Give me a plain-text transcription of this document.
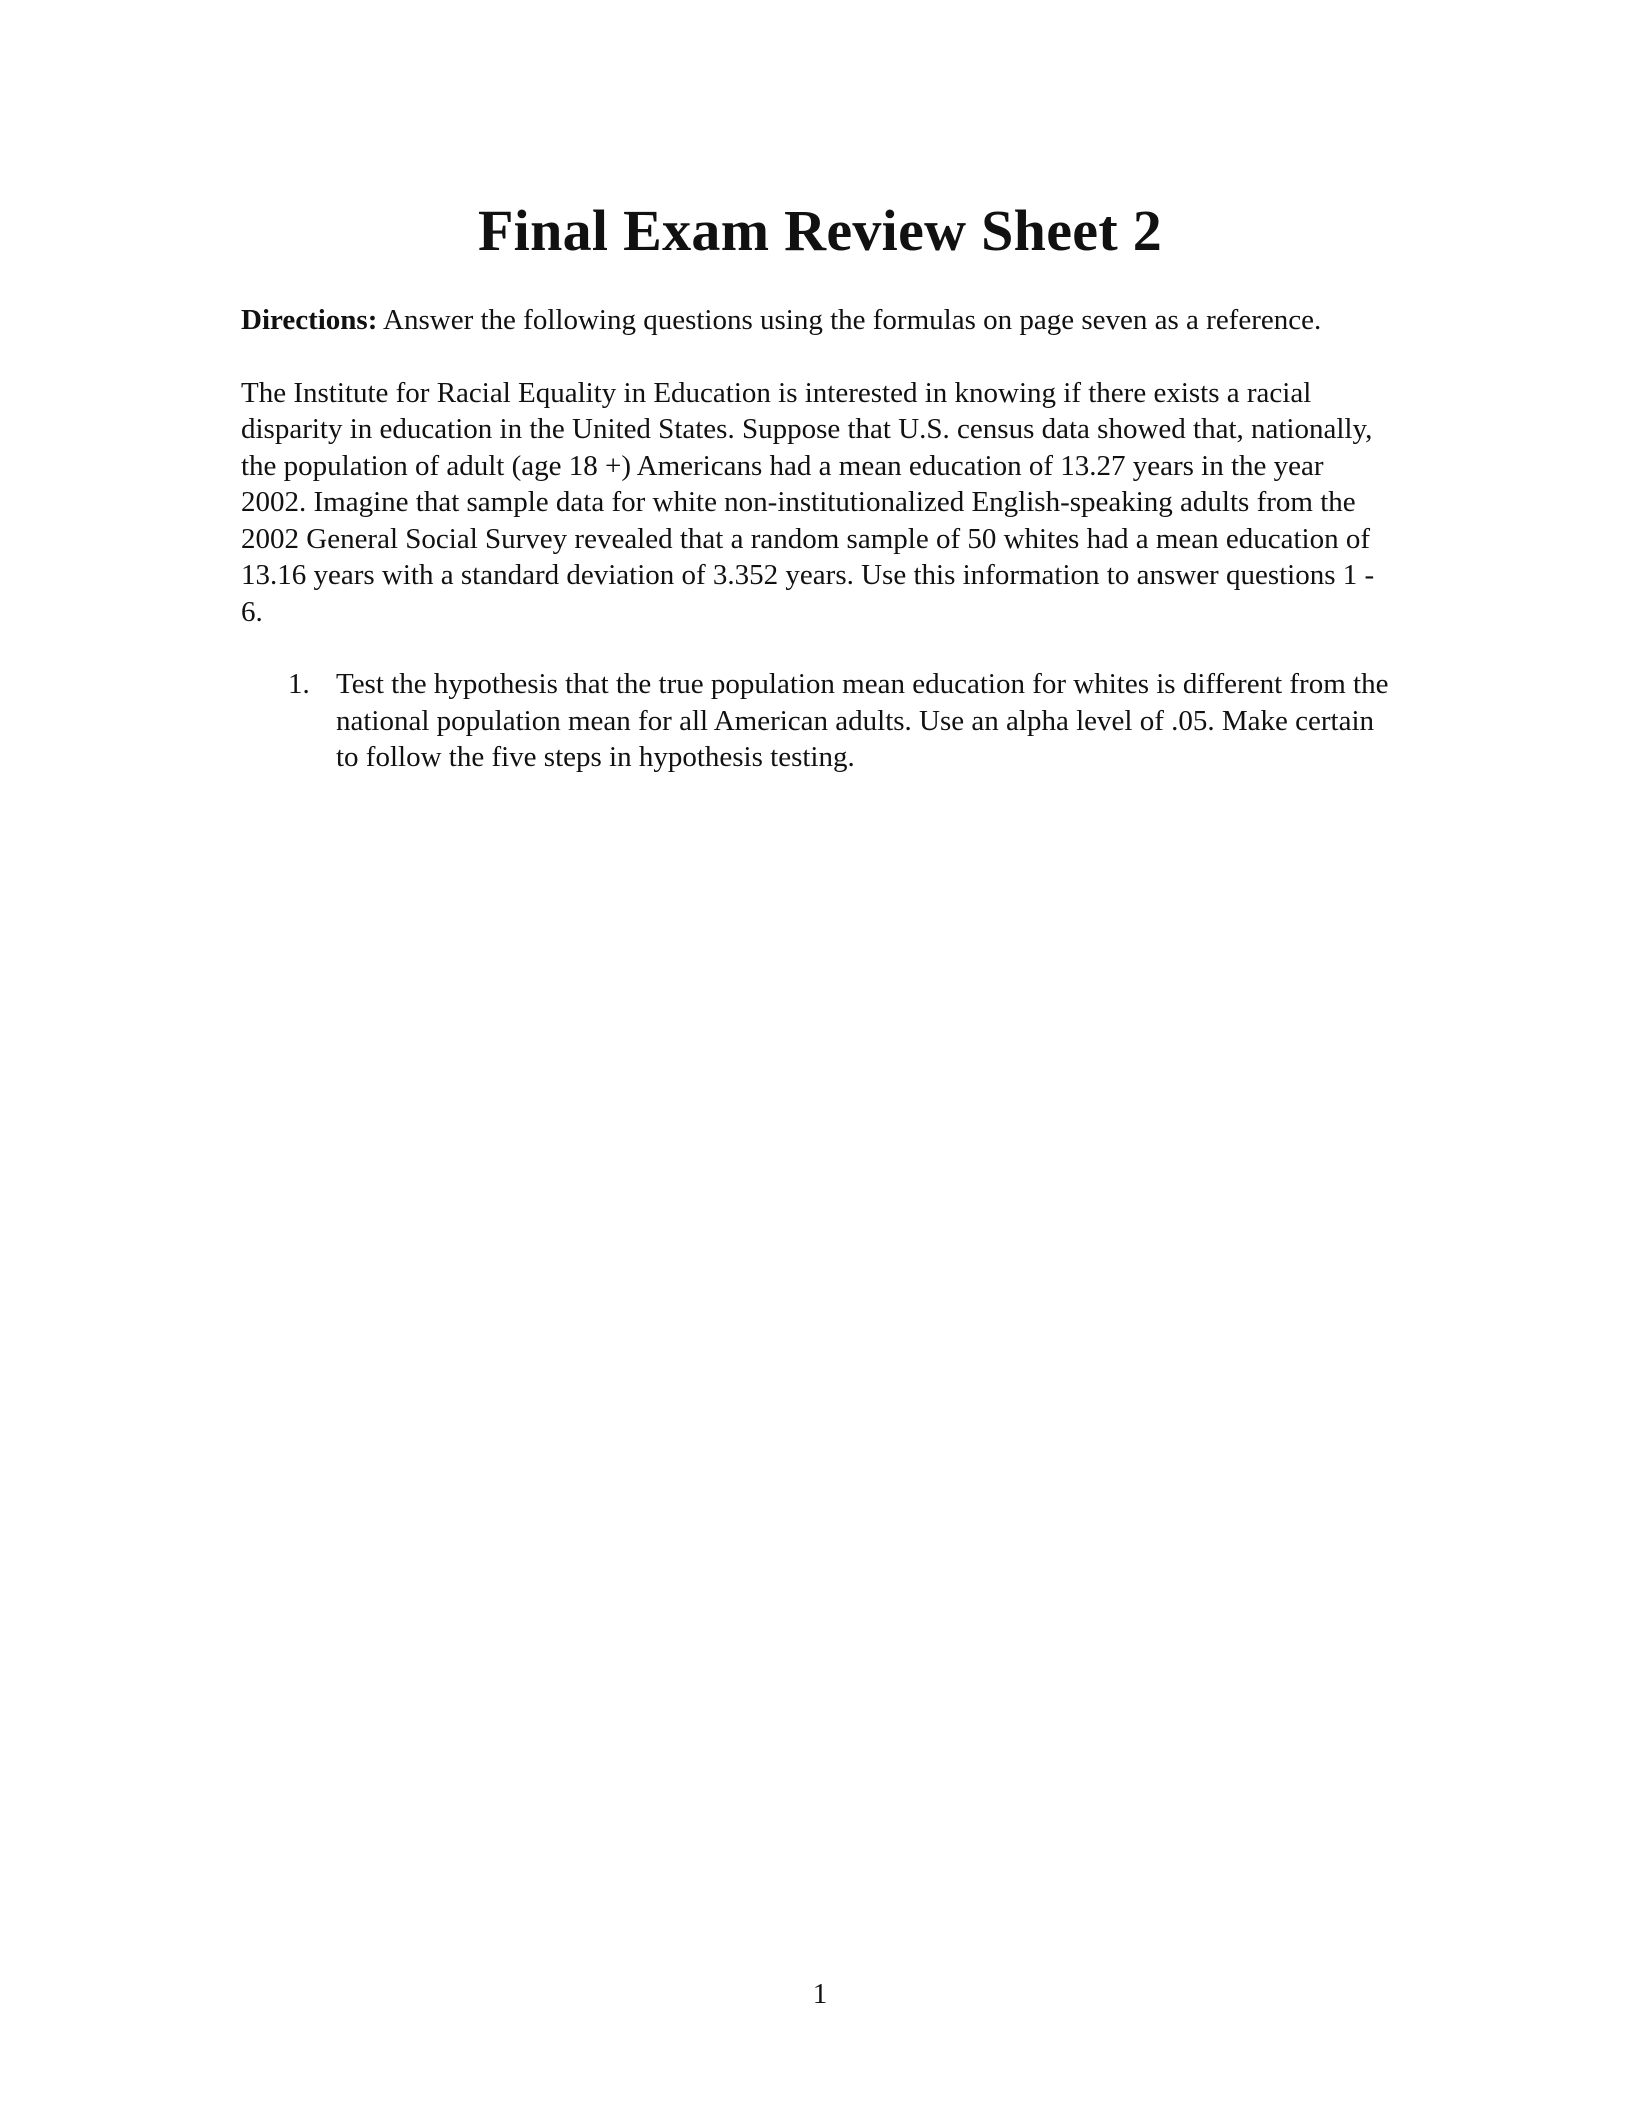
Final Exam Review Sheet 2

Directions: Answer the following questions using the formulas on page seven as a reference.

The Institute for Racial Equality in Education is interested in knowing if there exists a racial disparity in education in the United States. Suppose that U.S. census data showed that, nationally, the population of adult (age 18 +) Americans had a mean education of 13.27 years in the year 2002. Imagine that sample data for white non-institutionalized English-speaking adults from the 2002 General Social Survey revealed that a random sample of 50 whites had a mean education of 13.16 years with a standard deviation of 3.352 years. Use this information to answer questions 1 - 6.

1. Test the hypothesis that the true population mean education for whites is different from the national population mean for all American adults. Use an alpha level of .05. Make certain to follow the five steps in hypothesis testing.
1
